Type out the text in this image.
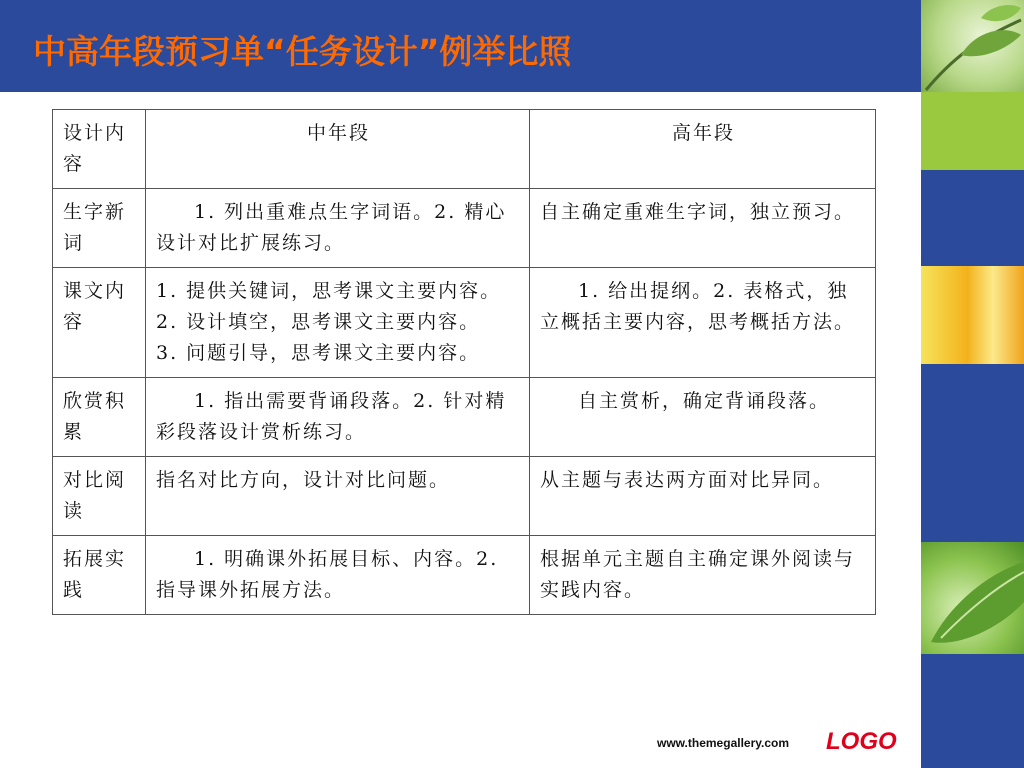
中高年段预习单“任务设计”例举比照
设计内容	中年段	高年段
生字新词	1. 列出重难点生字词语。2. 精心设计对比扩展练习。	自主确定重难生字词，独立预习。
课文内容	1. 提供关键词，思考课文主要内容。
2. 设计填空，思考课文主要内容。
3. 问题引导，思考课文主要内容。	1. 给出提纲。2. 表格式，独立概括主要内容，思考概括方法。
欣赏积累	1. 指出需要背诵段落。2. 针对精彩段落设计赏析练习。	自主赏析，确定背诵段落。
对比阅读	指名对比方向，设计对比问题。	从主题与表达两方面对比异同。
拓展实践	1. 明确课外拓展目标、内容。2. 指导课外拓展方法。	根据单元主题自主确定课外阅读与实践内容。
www.themegallery.com LOGO
